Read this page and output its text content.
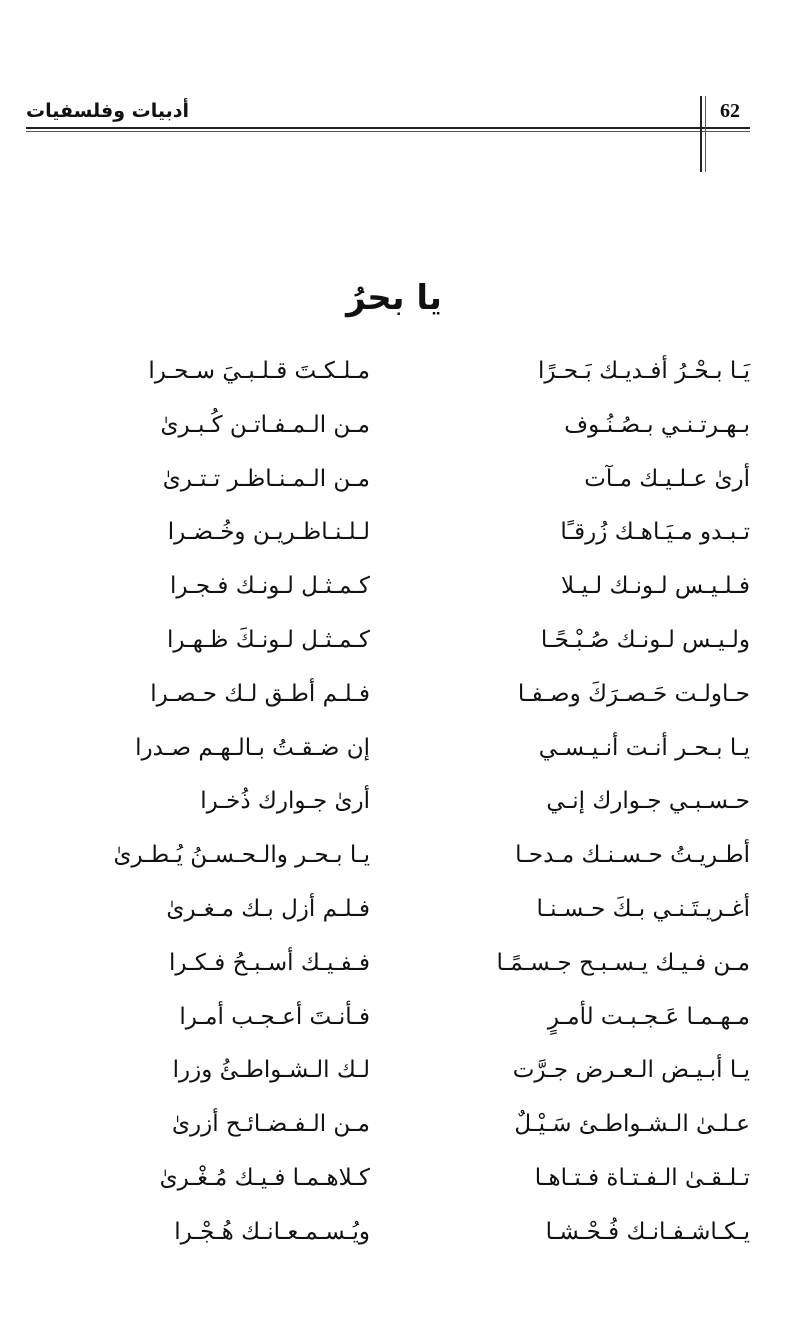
أدبيات وفلسفيات	62
يا بحرُ
يَـا بـحْـرُ أفـديـك بَـحـرًا
مـلـكـتَ قـلـبـيَ سـحـرا
بـهـرتـنـي بـصُـنُـوف
مـن الـمـفـاتـن كُـبـرىٰ
أرىٰ عـلـيـك مـآت
مـن الـمـنـاظـر تـتـرىٰ
تـبـدو مـيَـاهـك زُرقـًا
لـلـنـاظـريـن وخُـضـرا
فـلـيـس لـونـك لـيـلا
كـمـثـل لـونـك فـجـرا
ولـيـس لـونـك صُـبْـحًـا
كـمـثـل لـونـكَ ظـهـرا
حـاولـت حَـصـرَكَ وصـفـا
فـلـم أطـق لـك حـصـرا
يـا بـحـر أنـت أنـيـسـي
إن ضـقـتُ بـالـهـم صـدرا
حـسـبـي جـوارك إنـي
أرىٰ جـوارك ذُخـرا
أطـريـتُ حـسـنـك مـدحـا
يـا بـحـر والـحـسـنُ يُـطـرىٰ
أغـريـتَـنـي بـكَ حـسـنـا
فـلـم أزل بـك مـغـرىٰ
مـن فـيـك يـسـبـح جـسـمًـا
فـفـيـك أسـبـحُ فـكـرا
مـهـمـا عَـجـبـت لأمـرٍ
فـأنـتَ أعـجـب أمـرا
يـا أبـيـض الـعـرض جـرَّت
لـك الـشـواطـئُ وزرا
عـلـىٰ الـشـواطـئ سَـيْـلٌ
مـن الـفـضـائـح أزرىٰ
تـلـقـىٰ الـفـتـاة فـتـاهـا
كـلاهـمـا فـيـك مُـغْـرىٰ
يـكـاشـفـانـك فُـحْـشـا
ويُـسـمـعـانـك هُـجْـرا
